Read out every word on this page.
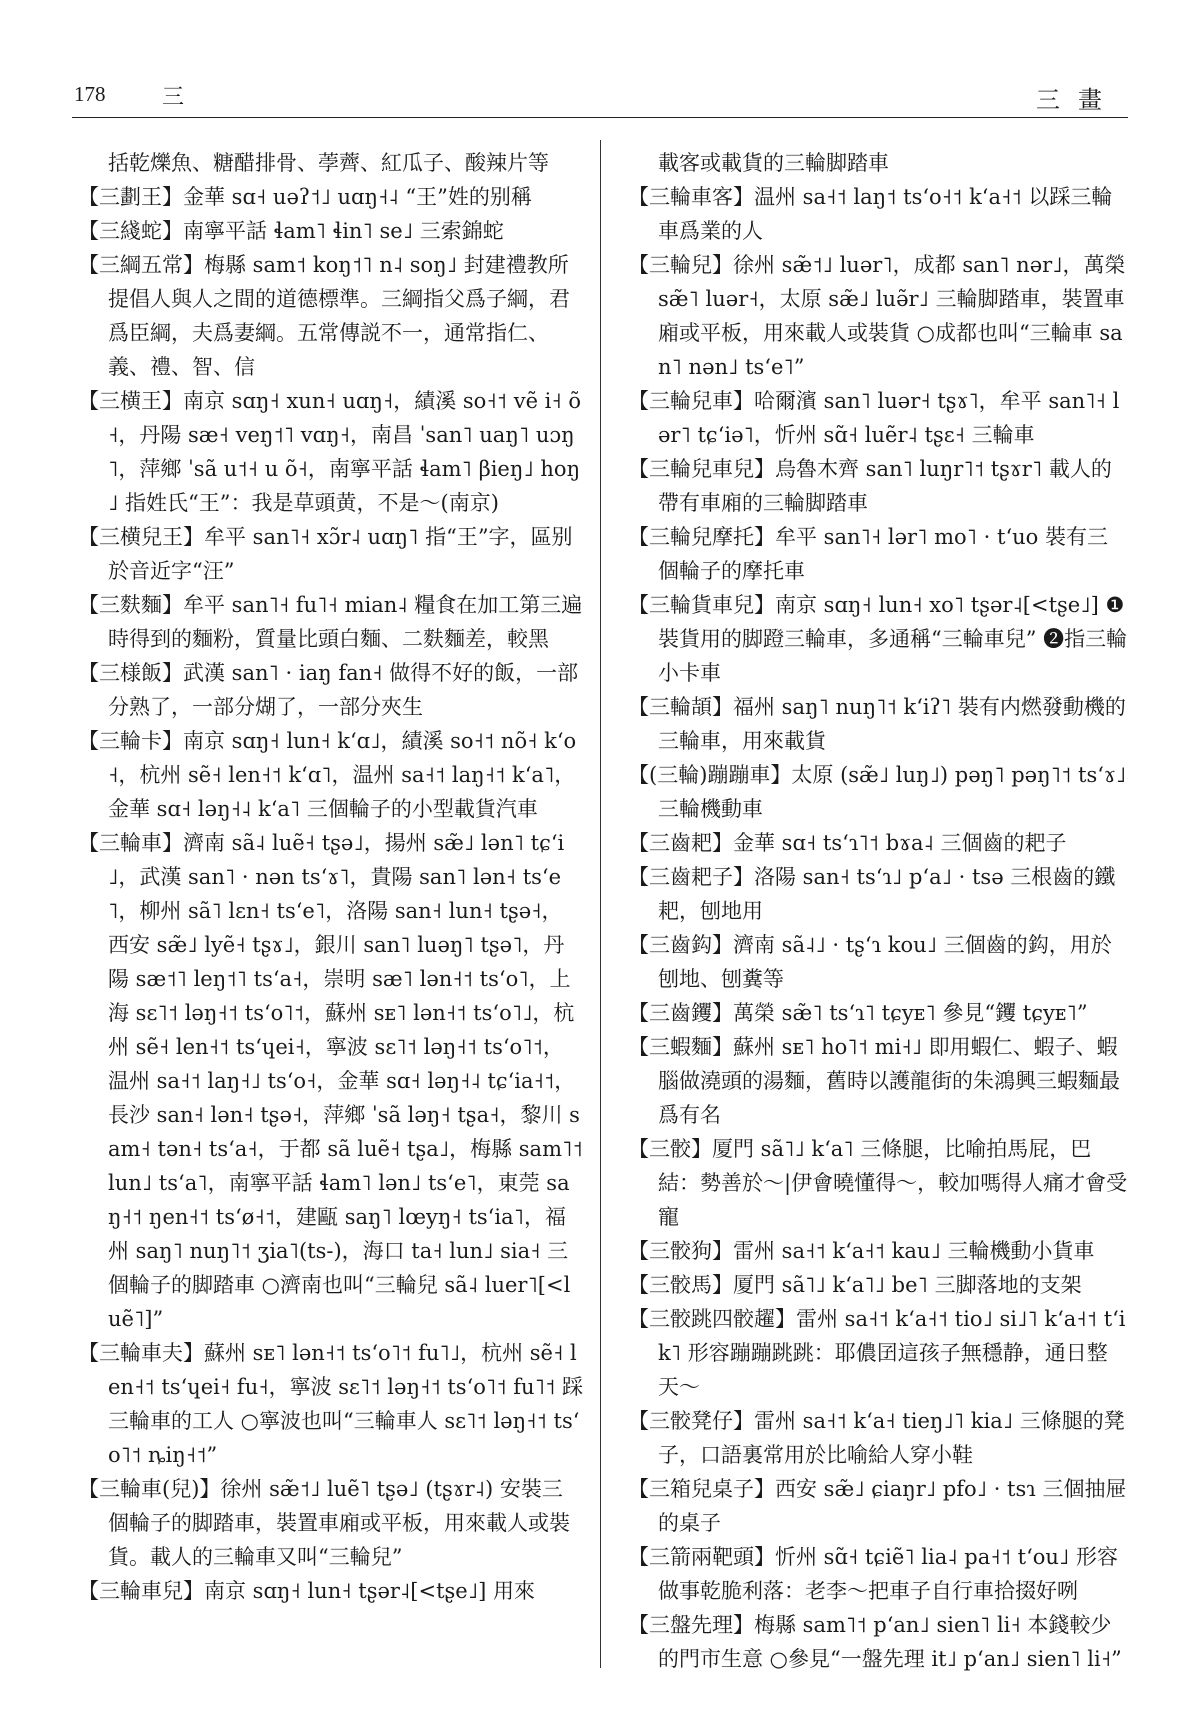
178	三	三畫

括乾爍魚、糖醋排骨、荸薺、紅瓜子、酸辣片等

【三劃王】金華 sɑ˧ uəʔ˦˩ uɑŋ˧˨ “王”姓的别稱

【三綫蛇】南寧平話 ɬam˥ ɬin˥ se˩ 三索錦蛇

【三綱五常】梅縣 sam˦ koŋ˦˥ n˨ soŋ˩ 封建禮教所提倡人與人之間的道德標準。三綱指父爲子綱，君爲臣綱，夫爲妻綱。五常傳説不一，通常指仁、義、禮、智、信

【三横王】南京 sɑŋ˧ xun˧ uɑŋ˧，績溪 so˧˦ vẽ i˧ õ˧，丹陽 sæ˧ veŋ˦˥ vɑŋ˧，南昌 ˈsan˥ uaŋ˥ uɔŋ˥，萍鄉 ˈsã u˦˧ u õ˧，南寧平話 ɬam˥ βieŋ˩ hoŋ˩ 指姓氏“王”：我是草頭黄，不是～(南京)

【三横兒王】牟平 san˥˧ xɔ̃r˨ uɑŋ˥ 指“王”字，區别於音近字“汪”

【三麩麵】牟平 san˥˧ fu˥˧ mian˨ 糧食在加工第三遍時得到的麵粉，質量比頭白麵、二麩麵差，較黑

【三様飯】武漢 san˥ · iaŋ fan˧ 做得不好的飯，一部分熟了，一部分煳了，一部分夾生

【三輪卡】南京 sɑŋ˧ lun˧ kʻɑ˩，績溪 so˧˦ nõ˧ kʻo˧，杭州 sẽ˧ len˧˦ kʻɑ˥，温州 sa˧˦ laŋ˧˦ kʻa˥，金華 sɑ˧ ləŋ˧˨ kʻa˥ 三個輪子的小型載貨汽車

【三輪車】濟南 sã˨ luẽ˧ tʂə˩，揚州 sæ̃˩ lən˥ tɕʻi˩，武漢 san˥ · nən tsʻɤ˥，貴陽 san˥ lən˧ tsʻe˥，柳州 sã˥ lɛn˧ tsʻe˥，洛陽 san˧ lun˧ tʂə˧，西安 sæ̃˩ lyẽ˧ tʂɤ˩，銀川 san˥ luəŋ˥ tʂə˥，丹陽 sæ˦˥ leŋ˦˥ tsʻa˧，崇明 sæ˥ lən˧˦ tsʻo˥，上海 sɛ˥˦ ləŋ˧˦ tsʻo˥˦，蘇州 sᴇ˥ lən˧˦ tsʻo˥˩，杭州 sẽ˧ len˧˦ tsʻɥei˧，寧波 sɛ˥˦ ləŋ˧˦ tsʻo˥˦，温州 sa˧˦ laŋ˧˩ tsʻo˧，金華 sɑ˧ ləŋ˧˨ tɕʻia˧˦，長沙 san˧ lən˧ tʂə˧，萍鄉 ˈsã ləŋ˧ tʂa˧，黎川 sam˧ tən˧ tsʻa˧，于都 sã luẽ˧ tʂa˩，梅縣 sam˥˦ lun˩ tsʻa˥，南寧平話 ɬam˥ lən˩ tsʻe˥，東莞 saŋ˧˦ ŋen˧˦ tsʻø˧˦，建甌 saŋ˥ lœyŋ˧ tsʻia˥，福州 saŋ˥ nuŋ˥˦ ʒia˥(ts-)，海口 ta˧ lun˩ sia˧ 三個輪子的脚踏車 ○濟南也叫“三輪兒 sã˨ luer˥[<luẽ˥]”

【三輪車夫】蘇州 sᴇ˥ lən˧˦ tsʻo˥˦ fu˥˩，杭州 sẽ˧ len˧˦ tsʻɥei˧ fu˧，寧波 sɛ˥˦ ləŋ˧˦ tsʻo˥˦ fu˥˦ 踩三輪車的工人 ○寧波也叫“三輪車人 sɛ˥˦ ləŋ˧˦ tsʻo˥˦ ȵiŋ˧˦”

【三輪車(兒)】徐州 sæ̃˦˩ luẽ˥ tʂə˩ (tʂɤr˨) 安裝三個輪子的脚踏車，裝置車廂或平板，用來載人或裝貨。載人的三輪車又叫“三輪兒”

【三輪車兒】南京 sɑŋ˧ lun˧ tʂər˨[<tʂe˩] 用來

載客或載貨的三輪脚踏車

【三輪車客】温州 sa˧˦ laŋ˦ tsʻo˧˦ kʻa˧˦ 以踩三輪車爲業的人

【三輪兒】徐州 sæ̃˦˩ luər˥，成都 san˥ nər˩，萬榮 sæ̃˥ luər˧，太原 sæ̃˩ luə̃r˩ 三輪脚踏車，裝置車廂或平板，用來載人或裝貨 ○成都也叫“三輪車 san˥ nən˩ tsʻe˥”

【三輪兒車】哈爾濱 san˥ luər˧ tʂɤ˥，牟平 san˥˧ lər˥ tɕʻiə˥，忻州 sɑ̃˧ luẽr˨ tʂɛ˧ 三輪車

【三輪兒車兒】烏魯木齊 san˥ luŋr˥˦ tʂɤr˥ 載人的帶有車廂的三輪脚踏車

【三輪兒摩托】牟平 san˥˧ lər˥ mo˥ · tʻuo 裝有三個輪子的摩托車

【三輪貨車兒】南京 sɑŋ˧ lun˧ xo˥ tʂər˨[<tʂe˩] ❶裝貨用的脚蹬三輪車，多通稱“三輪車兒” ❷指三輪小卡車

【三輪頡】福州 saŋ˥ nuŋ˥˦ kʻiʔ˥ 裝有内燃發動機的三輪車，用來載貨

【(三輪)蹦蹦車】太原 (sæ̃˩ luŋ˩) pəŋ˥ pəŋ˥˦ tsʻɤ˩ 三輪機動車

【三齒耙】金華 sɑ˧ tsʻɿ˥˦ bɤa˨ 三個齒的耙子

【三齒耙子】洛陽 san˧ tsʻɿ˩ pʻa˩ · tsə 三根齒的鐵耙，刨地用

【三齒鈎】濟南 sã˨˩ · tʂʻɿ kou˩ 三個齒的鈎，用於刨地、刨糞等

【三齒钁】萬榮 sæ̃˥ tsʻɿ˥ tɕyᴇ˥ 參見“钁 tɕyᴇ˥”

【三蝦麵】蘇州 sᴇ˥ ho˥˦ mi˧˩ 即用蝦仁、蝦子、蝦腦做澆頭的湯麵，舊時以護龍街的朱鴻興三蝦麵最爲有名

【三骹】厦門 sã˥˩ kʻa˥ 三條腿，比喻拍馬屁，巴結：勢善於～|伊會曉懂得～，較加嗎得人痛才會受寵

【三骹狗】雷州 sa˧˦ kʻa˧˦ kau˩ 三輪機動小貨車

【三骹馬】厦門 sã˥˩ kʻa˥˩ be˥ 三脚落地的支架

【三骹跳四骹趯】雷州 sa˧˦ kʻa˧˦ tio˩ si˩˥ kʻa˧˦ tʻik˥ 形容蹦蹦跳跳：耶儂囝這孩子無穩静，通日整天～

【三骹凳仔】雷州 sa˧˦ kʻa˧ tieŋ˩˥ kia˩ 三條腿的凳子，口語裏常用於比喻給人穿小鞋

【三箱兒桌子】西安 sæ̃˩ ɕiaŋr˩ pfo˩ · tsɿ 三個抽屉的桌子

【三箭兩靶頭】忻州 sɑ̃˧ tɕiẽ˥ lia˨ pa˧˦ tʻou˩ 形容做事乾脆利落：老李～把車子自行車拾掇好咧

【三盤先理】梅縣 sam˥˦ pʻan˩ sien˥ li˧ 本錢較少的門市生意 ○參見“一盤先理 it˩ pʻan˩ sien˥ li˧”
